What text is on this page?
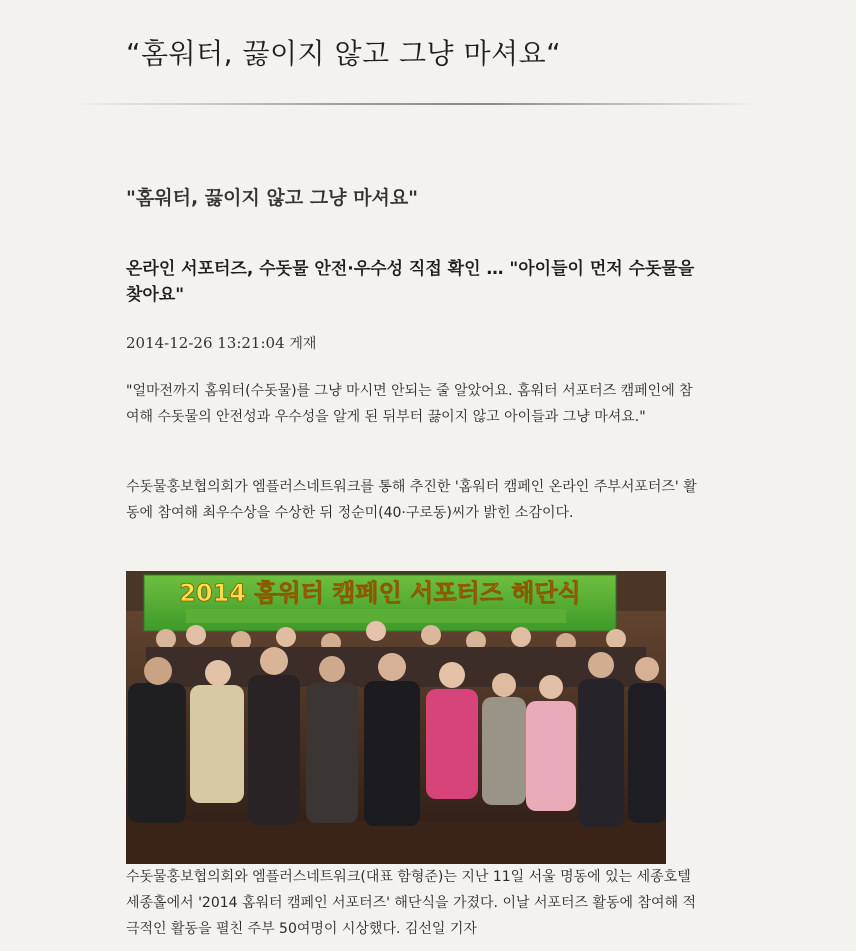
“홈워터, 끓이지 않고 그냥 마셔요“
"홈워터, 끓이지 않고 그냥 마셔요"
온라인 서포터즈, 수돗물 안전·우수성 직접 확인 … "아이들이 먼저 수돗물을 찾아요"
2014-12-26 13:21:04 게재

"얼마전까지 홈워터(수돗물)를 그냥 마시면 안되는 줄 알았어요. 홈워터 서포터즈 캠페인에 참여해 수돗물의 안전성과 우수성을 알게 된 뒤부터 끓이지 않고 아이들과 그냥 마셔요."

수돗물홍보협의회가 엠플러스네트워크를 통해 추진한 '홈워터 캠페인 온라인 주부서포터즈' 활동에 참여해 최우수상을 수상한 뒤 정순미(40·구로동)씨가 밝힌 소감이다.

2014 홈워터 캠페인 서포터즈 해단식

수돗물홍보협의회와 엠플러스네트워크(대표 함형준)는 지난 11일 서울 명동에 있는 세종호텔 세종홀에서 '2014 홈워터 캠페인 서포터즈' 해단식을 가졌다. 이날 서포터즈 활동에 참여해 적극적인 활동을 펼친 주부 50여명이 시상했다. 김선일 기자
